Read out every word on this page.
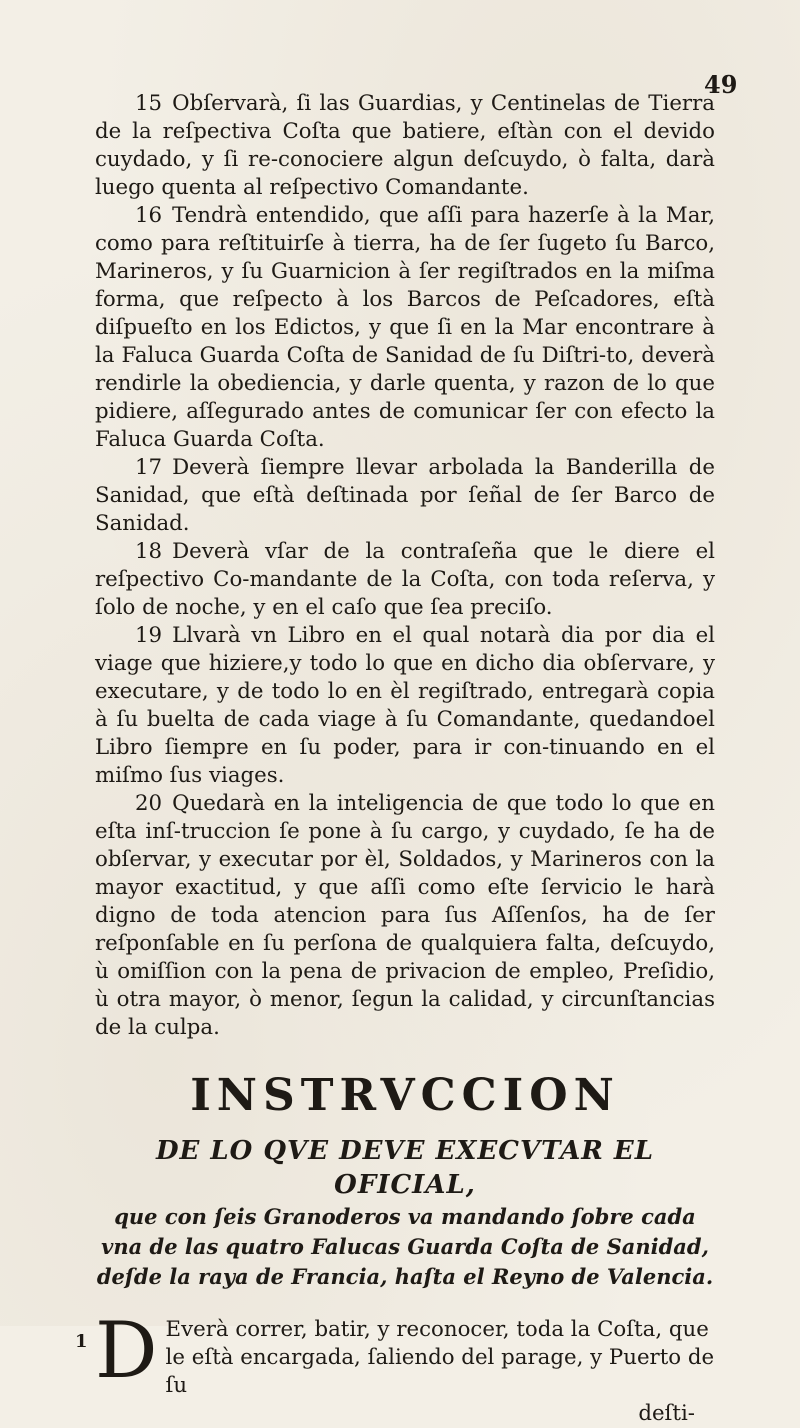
49

15 Obſervarà, ſi las Guardias, y Centinelas de Tierra de la reſpectiva Coſta que batiere, eſtàn con el devido cuydado, y ſi re-conociere algun deſcuydo, ò falta, darà luego quenta al reſpectivo Comandante.

16 Tendrà entendido, que aſſi para hazerſe à la Mar, como para reſtituirſe à tierra, ha de ſer ſugeto ſu Barco, Marineros, y ſu Guarnicion à ſer regiſtrados en la miſma forma, que reſpecto à los Barcos de Peſcadores, eſtà diſpueſto en los Edictos, y que ſi en la Mar encontrare à la Faluca Guarda Coſta de Sanidad de ſu Diſtri-to, deverà rendirle la obediencia, y darle quenta, y razon de lo que pidiere, aſſegurado antes de comunicar ſer con efecto la Faluca Guarda Coſta.

17 Deverà ſiempre llevar arbolada la Banderilla de Sanidad, que eſtà deſtinada por ſeñal de ſer Barco de Sanidad.

18 Deverà vſar de la contraſeña que le diere el reſpectivo Co-mandante de la Coſta, con toda reſerva, y ſolo de noche, y en el caſo que ſea preciſo.

19 Llvarà vn Libro en el qual notarà dia por dia el viage que hiziere,y todo lo que en dicho dia obſervare, y executare, y de todo lo en èl regiſtrado, entregarà copia à ſu buelta de cada viage à ſu Comandante, quedandoel Libro ſiempre en ſu poder, para ir con-tinuando en el miſmo ſus viages.

20 Quedarà en la inteligencia de que todo lo que en eſta inſ-truccion ſe pone à ſu cargo, y cuydado, ſe ha de obſervar, y executar por èl, Soldados, y Marineros con la mayor exactitud, y que aſſi como eſte ſervicio le harà digno de toda atencion para ſus Aſſenſos, ha de ſer reſponſable en ſu perſona de qualquiera falta, deſcuydo, ù omiſſion con la pena de privacion de empleo, Preſidio, ù otra mayor, ò menor, ſegun la calidad, y circunſtancias de la culpa.

INSTRVCCION

DE LO QVE DEVE EXECVTAR EL OFICIAL,

que con ſeis Granoderos va mandando ſobre cada vna de las quatro Falucas Guarda Coſta de Sanidad, deſde la raya de Francia, haſta el Reyno de Valencia.

1 D Everà correr, batir, y reconocer, toda la Coſta, que le eſtà encargada, ſaliendo del parage, y Puerto de ſu

deſti-
